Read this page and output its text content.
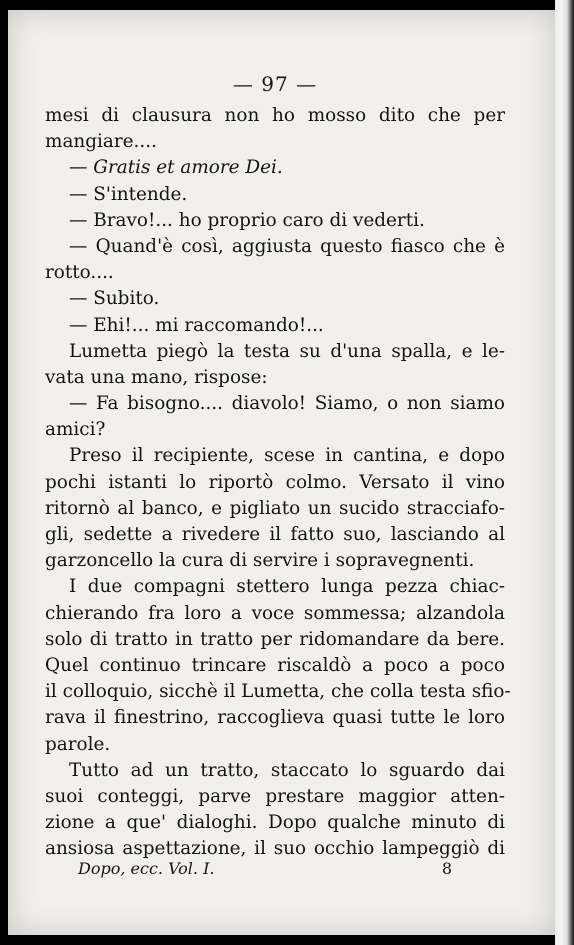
— 97 —
mesi di clausura non ho mosso dito che per
mangiare....
— Gratis et amore Dei.
— S'intende.
— Bravo!... ho proprio caro di vederti.
— Quand'è così, aggiusta questo fiasco che è
rotto....
— Subito.
— Ehi!... mi raccomando!...
Lumetta piegò la testa su d'una spalla, e le-
vata una mano, rispose:
— Fa bisogno.... diavolo! Siamo, o non siamo
amici?
Preso il recipiente, scese in cantina, e dopo
pochi istanti lo riportò colmo. Versato il vino
ritornò al banco, e pigliato un sucido stracciafo-
gli, sedette a rivedere il fatto suo, lasciando al
garzoncello la cura di servire i sopravegnenti.
I due compagni stettero lunga pezza chiac-
chierando fra loro a voce sommessa; alzandola
solo di tratto in tratto per ridomandare da bere.
Quel continuo trincare riscaldò a poco a poco
il colloquio, sicchè il Lumetta, che colla testa sfio-
rava il finestrino, raccoglieva quasi tutte le loro
parole.
Tutto ad un tratto, staccato lo sguardo dai
suoi conteggi, parve prestare maggior atten-
zione a que' dialoghi. Dopo qualche minuto di
ansiosa aspettazione, il suo occhio lampeggiò di
Dopo, ecc. Vol. I.	8
